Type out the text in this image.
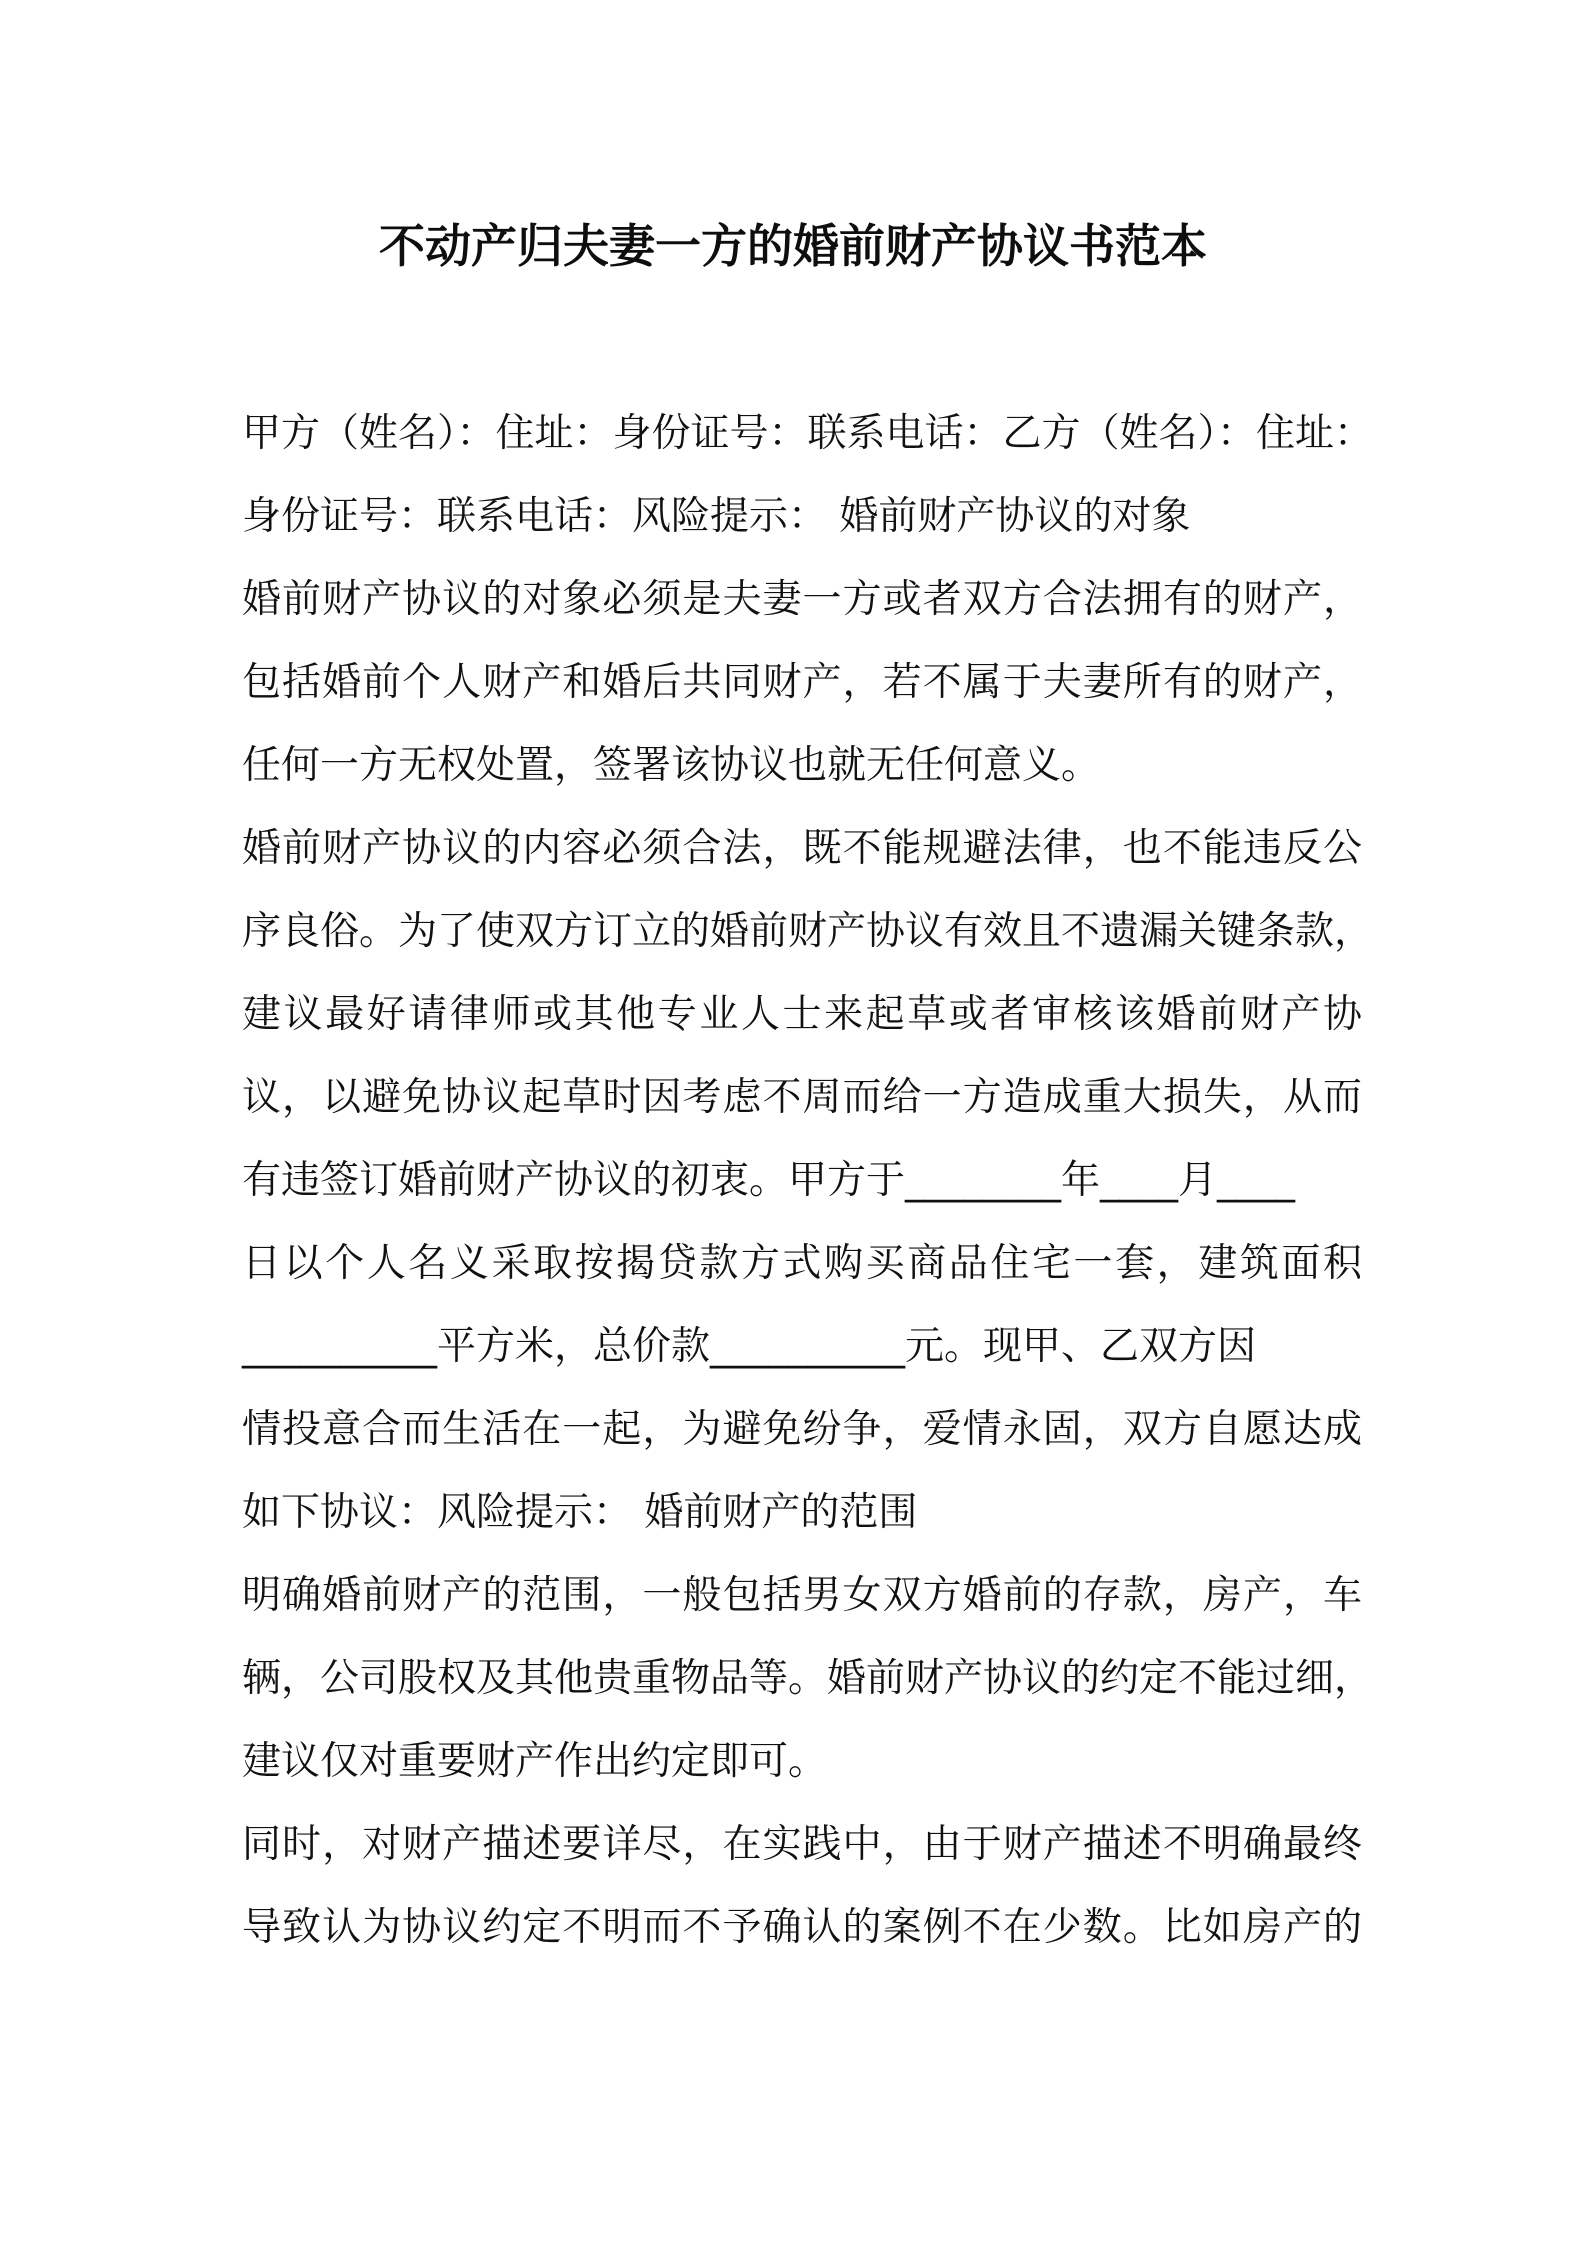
不动产归夫妻一方的婚前财产协议书范本
甲方（姓名）：住址：身份证号：联系电话：乙方（姓名）：住址：
身份证号：联系电话：风险提示： 婚前财产协议的对象
婚前财产协议的对象必须是夫妻一方或者双方合法拥有的财产，
包括婚前个人财产和婚后共同财产，若不属于夫妻所有的财产，
任何一方无权处置，签署该协议也就无任何意义。
婚前财产协议的内容必须合法，既不能规避法律，也不能违反公
序良俗。为了使双方订立的婚前财产协议有效且不遗漏关键条款，
建议最好请律师或其他专业人士来起草或者审核该婚前财产协
议，以避免协议起草时因考虑不周而给一方造成重大损失，从而
有违签订婚前财产协议的初衷。甲方于________年____月____
日以个人名义采取按揭贷款方式购买商品住宅一套，建筑面积
__________平方米，总价款__________元。现甲、乙双方因
情投意合而生活在一起，为避免纷争，爱情永固，双方自愿达成
如下协议：风险提示： 婚前财产的范围
明确婚前财产的范围，一般包括男女双方婚前的存款，房产，车
辆，公司股权及其他贵重物品等。婚前财产协议的约定不能过细，
建议仅对重要财产作出约定即可。
同时，对财产描述要详尽，在实践中，由于财产描述不明确最终
导致认为协议约定不明而不予确认的案例不在少数。比如房产的
